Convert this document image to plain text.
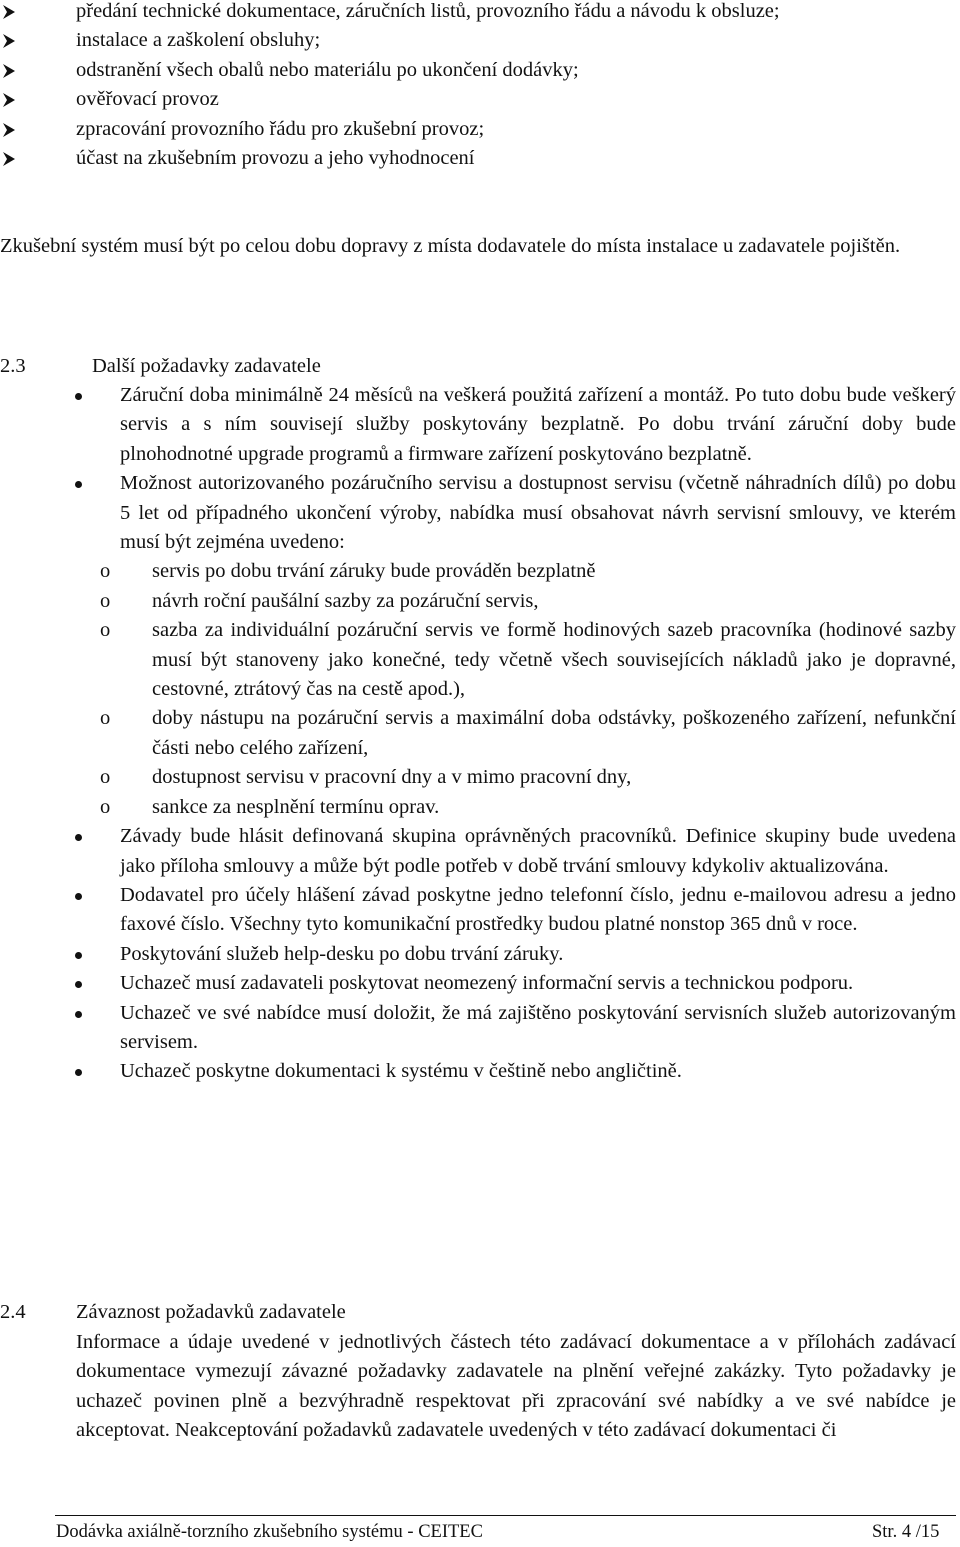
předání technické dokumentace, záručních listů, provozního řádu a návodu k obsluze;
instalace a zaškolení obsluhy;
odstranění všech obalů nebo materiálu po ukončení dodávky;
ověřovací provoz
zpracování provozního řádu pro zkušební provoz;
účast na zkušebním provozu a jeho vyhodnocení

Zkušební systém musí být po celou dobu dopravy z místa dodavatele do místa instalace u zadavatele pojištěn.

2.3	Další požadavky zadavatele
Záruční doba minimálně 24 měsíců na veškerá použitá zařízení a montáž. Po tuto dobu bude veškerý servis a s ním souvisejí služby poskytovány bezplatně. Po dobu trvání záruční doby bude plnohodnotné upgrade programů a firmware zařízení poskytováno bezplatně.
Možnost autorizovaného pozáručního servisu a dostupnost servisu (včetně náhradních dílů) po dobu 5 let od případného ukončení výroby, nabídka musí obsahovat návrh servisní smlouvy, ve kterém musí být zejména uvedeno:
o servis po dobu trvání záruky bude prováděn bezplatně
o návrh roční paušální sazby za pozáruční servis,
o sazba za individuální pozáruční servis ve formě hodinových sazeb pracovníka (hodinové sazby musí být stanoveny jako konečné, tedy včetně všech souvisejících nákladů jako je dopravné, cestovné, ztrátový čas na cestě apod.),
o doby nástupu na pozáruční servis a maximální doba odstávky, poškozeného zařízení, nefunkční části nebo celého zařízení,
o dostupnost servisu v pracovní dny a v mimo pracovní dny,
o sankce za nesplnění termínu oprav.
Závady bude hlásit definovaná skupina oprávněných pracovníků. Definice skupiny bude uvedena jako příloha smlouvy a může být podle potřeb v době trvání smlouvy kdykoliv aktualizována.
Dodavatel pro účely hlášení závad poskytne jedno telefonní číslo, jednu e-mailovou adresu a jedno faxové číslo. Všechny tyto komunikační prostředky budou platné nonstop 365 dnů v roce.
Poskytování služeb help-desku po dobu trvání záruky.
Uchazeč musí zadavateli poskytovat neomezený informační servis a technickou podporu.
Uchazeč ve své nabídce musí doložit, že má zajištěno poskytování servisních služeb autorizovaným servisem.
Uchazeč poskytne dokumentaci k systému v češtině nebo angličtině.
2.4 Závaznost požadavků zadavatele

Informace a údaje uvedené v jednotlivých částech této zadávací dokumentace a v přílohách zadávací dokumentace vymezují závazné požadavky zadavatele na plnění veřejné zakázky. Tyto požadavky je uchazeč povinen plně a bezvýhradně respektovat při zpracování své nabídky a ve své nabídce je akceptovat. Neakceptování požadavků zadavatele uvedených v této zadávací dokumentaci či

Dodávka axiálně-torzního zkušebního systému - CEITEC	Str. 4 /15
